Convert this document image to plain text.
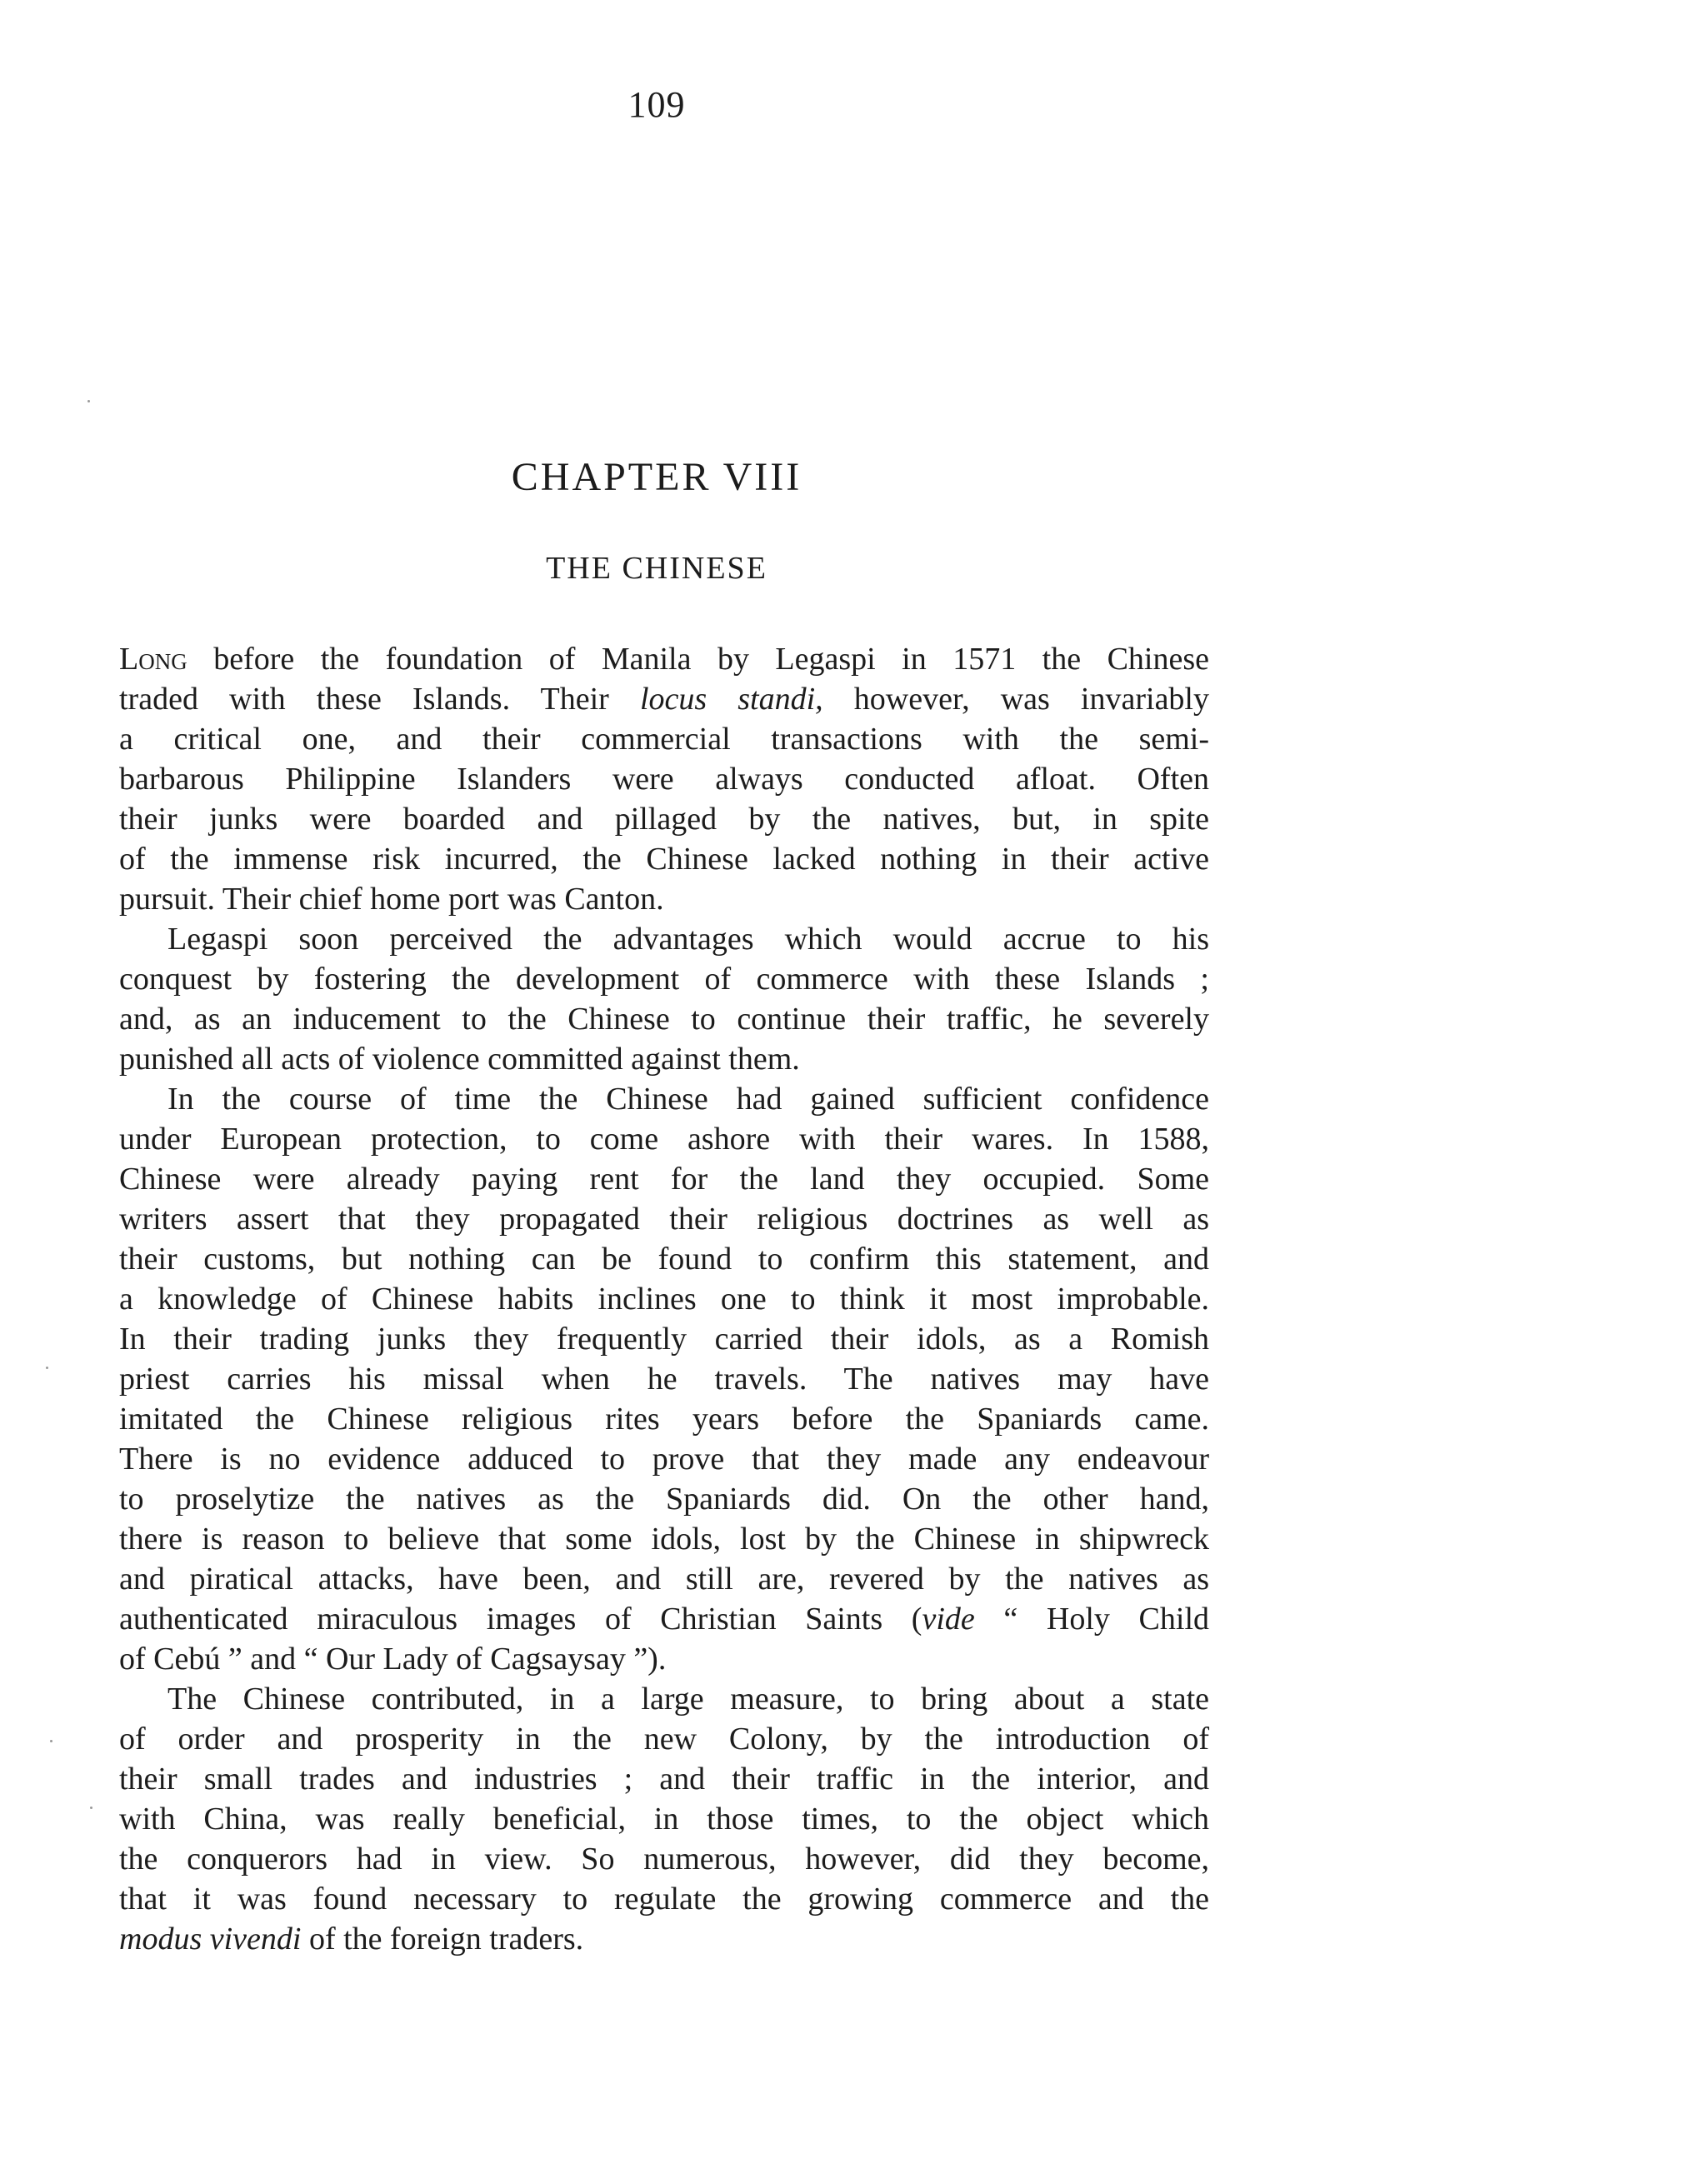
109
CHAPTER VIII
THE CHINESE
Long before the foundation of Manila by Legaspi in 1571 the Chinese
traded with these Islands. Their locus standi, however, was invariably
a critical one, and their commercial transactions with the semi-
barbarous Philippine Islanders were always conducted afloat. Often
their junks were boarded and pillaged by the natives, but, in spite
of the immense risk incurred, the Chinese lacked nothing in their active
pursuit. Their chief home port was Canton.
Legaspi soon perceived the advantages which would accrue to his
conquest by fostering the development of commerce with these Islands ;
and, as an inducement to the Chinese to continue their traffic, he severely
punished all acts of violence committed against them.
In the course of time the Chinese had gained sufficient confidence
under European protection, to come ashore with their wares. In 1588,
Chinese were already paying rent for the land they occupied. Some
writers assert that they propagated their religious doctrines as well as
their customs, but nothing can be found to confirm this statement, and
a knowledge of Chinese habits inclines one to think it most improbable.
In their trading junks they frequently carried their idols, as a Romish
priest carries his missal when he travels. The natives may have
imitated the Chinese religious rites years before the Spaniards came.
There is no evidence adduced to prove that they made any endeavour
to proselytize the natives as the Spaniards did. On the other hand,
there is reason to believe that some idols, lost by the Chinese in shipwreck
and piratical attacks, have been, and still are, revered by the natives as
authenticated miraculous images of Christian Saints (vide “ Holy Child
of Cebú ” and “ Our Lady of Cagsaysay ”).
The Chinese contributed, in a large measure, to bring about a state
of order and prosperity in the new Colony, by the introduction of
their small trades and industries ; and their traffic in the interior, and
with China, was really beneficial, in those times, to the object which
the conquerors had in view. So numerous, however, did they become,
that it was found necessary to regulate the growing commerce and the
modus vivendi of the foreign traders.
